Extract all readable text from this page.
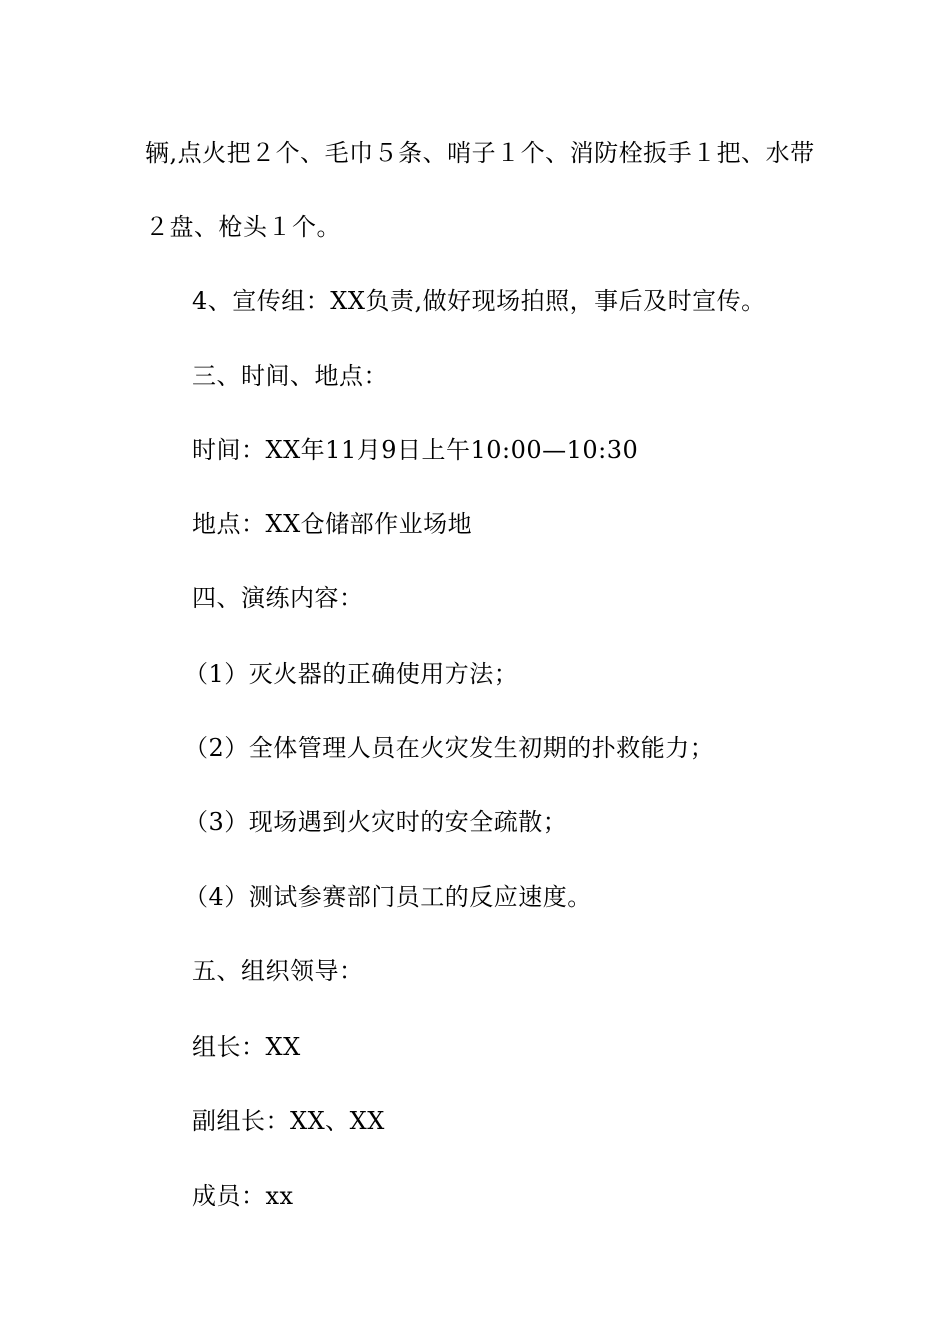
辆,点火把２个、毛巾５条、哨子１个、消防栓扳手１把、水带
２盘、枪头１个。
4、宣传组：XX负责,做好现场拍照，事后及时宣传。
三、时间、地点：
时间：XX年11月9日上午10:00—10:30
地点：XX仓储部作业场地
四、演练内容：
（1）灭火器的正确使用方法；
（2）全体管理人员在火灾发生初期的扑救能力；
（3）现场遇到火灾时的安全疏散；
（4）测试参赛部门员工的反应速度。
五、组织领导：
组长：XX
副组长：XX、XX
成员：xx
